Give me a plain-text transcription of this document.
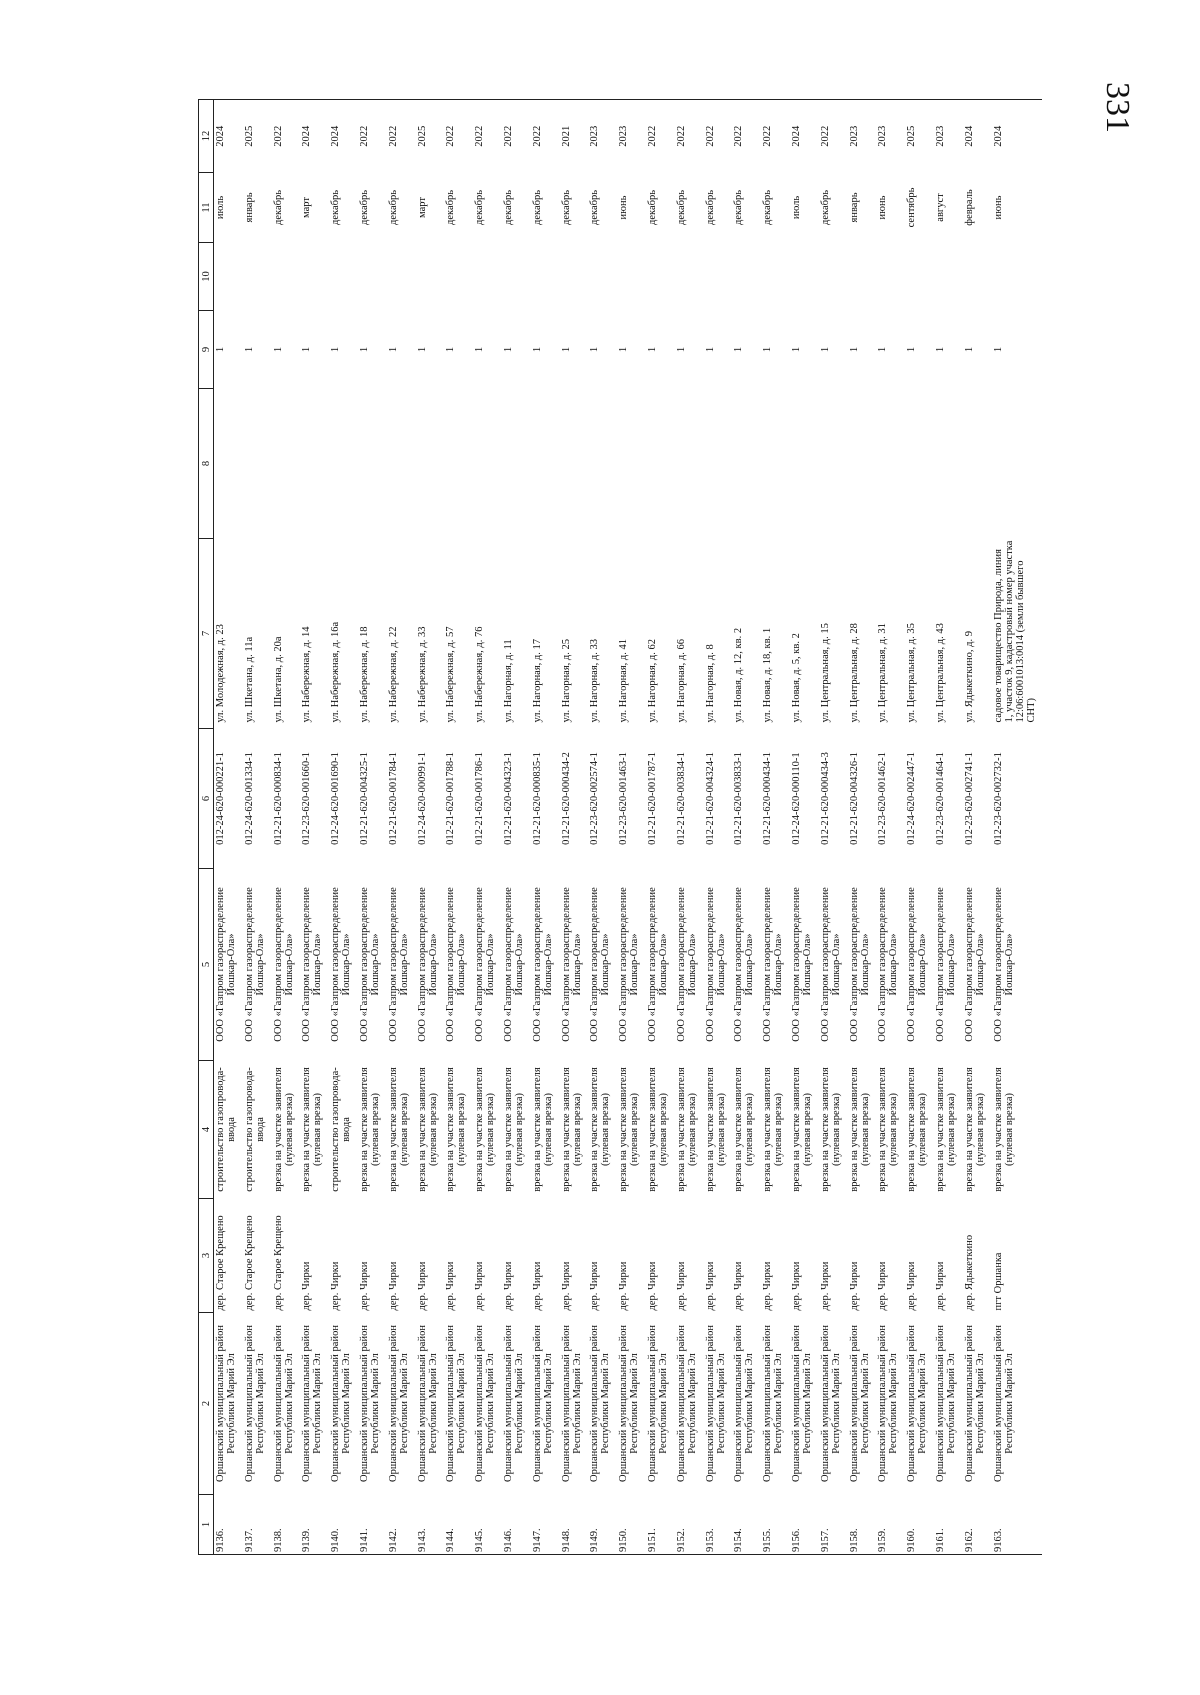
331
1	2	3	4	5	6	7	8	9	10	11	12
9136.	Оршанский муниципальный район Республики Марий Эл	дер. Старое Крещено	строительство газопровода-ввода	ООО «Газпром газораспределение Йошкар-Ола»	012-24-620-000221-1	ул. Молодежная, д. 23		1		июль	2024
9137.	Оршанский муниципальный район Республики Марий Эл	дер. Старое Крещено	строительство газопровода-ввода	ООО «Газпром газораспределение Йошкар-Ола»	012-24-620-001334-1	ул. Шкетана, д. 11а		1		январь	2025
9138.	Оршанский муниципальный район Республики Марий Эл	дер. Старое Крещено	врезка на участке заявителя (нулевая врезка)	ООО «Газпром газораспределение Йошкар-Ола»	012-21-620-000834-1	ул. Шкетана, д. 20а		1		декабрь	2022
9139.	Оршанский муниципальный район Республики Марий Эл	дер. Чирки	врезка на участке заявителя (нулевая врезка)	ООО «Газпром газораспределение Йошкар-Ола»	012-23-620-001660-1	ул. Набережная, д. 14		1		март	2024
9140.	Оршанский муниципальный район Республики Марий Эл	дер. Чирки	строительство газопровода-ввода	ООО «Газпром газораспределение Йошкар-Ола»	012-24-620-001690-1	ул. Набережная, д. 16а		1		декабрь	2024
9141.	Оршанский муниципальный район Республики Марий Эл	дер. Чирки	врезка на участке заявителя (нулевая врезка)	ООО «Газпром газораспределение Йошкар-Ола»	012-21-620-004325-1	ул. Набережная, д. 18		1		декабрь	2022
9142.	Оршанский муниципальный район Республики Марий Эл	дер. Чирки	врезка на участке заявителя (нулевая врезка)	ООО «Газпром газораспределение Йошкар-Ола»	012-21-620-001784-1	ул. Набережная, д. 22		1		декабрь	2022
9143.	Оршанский муниципальный район Республики Марий Эл	дер. Чирки	врезка на участке заявителя (нулевая врезка)	ООО «Газпром газораспределение Йошкар-Ола»	012-24-620-000991-1	ул. Набережная, д. 33		1		март	2025
9144.	Оршанский муниципальный район Республики Марий Эл	дер. Чирки	врезка на участке заявителя (нулевая врезка)	ООО «Газпром газораспределение Йошкар-Ола»	012-21-620-001788-1	ул. Набережная, д. 57		1		декабрь	2022
9145.	Оршанский муниципальный район Республики Марий Эл	дер. Чирки	врезка на участке заявителя (нулевая врезка)	ООО «Газпром газораспределение Йошкар-Ола»	012-21-620-001786-1	ул. Набережная, д. 76		1		декабрь	2022
9146.	Оршанский муниципальный район Республики Марий Эл	дер. Чирки	врезка на участке заявителя (нулевая врезка)	ООО «Газпром газораспределение Йошкар-Ола»	012-21-620-004323-1	ул. Нагорная, д. 11		1		декабрь	2022
9147.	Оршанский муниципальный район Республики Марий Эл	дер. Чирки	врезка на участке заявителя (нулевая врезка)	ООО «Газпром газораспределение Йошкар-Ола»	012-21-620-000835-1	ул. Нагорная, д. 17		1		декабрь	2022
9148.	Оршанский муниципальный район Республики Марий Эл	дер. Чирки	врезка на участке заявителя (нулевая врезка)	ООО «Газпром газораспределение Йошкар-Ола»	012-21-620-000434-2	ул. Нагорная, д. 25		1		декабрь	2021
9149.	Оршанский муниципальный район Республики Марий Эл	дер. Чирки	врезка на участке заявителя (нулевая врезка)	ООО «Газпром газораспределение Йошкар-Ола»	012-23-620-002574-1	ул. Нагорная, д. 33		1		декабрь	2023
9150.	Оршанский муниципальный район Республики Марий Эл	дер. Чирки	врезка на участке заявителя (нулевая врезка)	ООО «Газпром газораспределение Йошкар-Ола»	012-23-620-001463-1	ул. Нагорная, д. 41		1		июнь	2023
9151.	Оршанский муниципальный район Республики Марий Эл	дер. Чирки	врезка на участке заявителя (нулевая врезка)	ООО «Газпром газораспределение Йошкар-Ола»	012-21-620-001787-1	ул. Нагорная, д. 62		1		декабрь	2022
9152.	Оршанский муниципальный район Республики Марий Эл	дер. Чирки	врезка на участке заявителя (нулевая врезка)	ООО «Газпром газораспределение Йошкар-Ола»	012-21-620-003834-1	ул. Нагорная, д. 66		1		декабрь	2022
9153.	Оршанский муниципальный район Республики Марий Эл	дер. Чирки	врезка на участке заявителя (нулевая врезка)	ООО «Газпром газораспределение Йошкар-Ола»	012-21-620-004324-1	ул. Нагорная, д. 8		1		декабрь	2022
9154.	Оршанский муниципальный район Республики Марий Эл	дер. Чирки	врезка на участке заявителя (нулевая врезка)	ООО «Газпром газораспределение Йошкар-Ола»	012-21-620-003833-1	ул. Новая, д. 12, кв. 2		1		декабрь	2022
9155.	Оршанский муниципальный район Республики Марий Эл	дер. Чирки	врезка на участке заявителя (нулевая врезка)	ООО «Газпром газораспределение Йошкар-Ола»	012-21-620-000434-1	ул. Новая, д. 18, кв. 1		1		декабрь	2022
9156.	Оршанский муниципальный район Республики Марий Эл	дер. Чирки	врезка на участке заявителя (нулевая врезка)	ООО «Газпром газораспределение Йошкар-Ола»	012-24-620-000110-1	ул. Новая, д. 5, кв. 2		1		июль	2024
9157.	Оршанский муниципальный район Республики Марий Эл	дер. Чирки	врезка на участке заявителя (нулевая врезка)	ООО «Газпром газораспределение Йошкар-Ола»	012-21-620-000434-3	ул. Центральная, д. 15		1		декабрь	2022
9158.	Оршанский муниципальный район Республики Марий Эл	дер. Чирки	врезка на участке заявителя (нулевая врезка)	ООО «Газпром газораспределение Йошкар-Ола»	012-21-620-004326-1	ул. Центральная, д. 28		1		январь	2023
9159.	Оршанский муниципальный район Республики Марий Эл	дер. Чирки	врезка на участке заявителя (нулевая врезка)	ООО «Газпром газораспределение Йошкар-Ола»	012-23-620-001462-1	ул. Центральная, д. 31		1		июнь	2023
9160.	Оршанский муниципальный район Республики Марий Эл	дер. Чирки	врезка на участке заявителя (нулевая врезка)	ООО «Газпром газораспределение Йошкар-Ола»	012-24-620-002447-1	ул. Центральная, д. 35		1		сентябрь	2025
9161.	Оршанский муниципальный район Республики Марий Эл	дер. Чирки	врезка на участке заявителя (нулевая врезка)	ООО «Газпром газораспределение Йошкар-Ола»	012-23-620-001464-1	ул. Центральная, д. 43		1		август	2023
9162.	Оршанский муниципальный район Республики Марий Эл	дер. Ядыкеткино	врезка на участке заявителя (нулевая врезка)	ООО «Газпром газораспределение Йошкар-Ола»	012-23-620-002741-1	ул. Ядыкеткино, д. 9		1		февраль	2024
9163.	Оршанский муниципальный район Республики Марий Эл	пгт Оршанка	врезка на участке заявителя (нулевая врезка)	ООО «Газпром газораспределение Йошкар-Ола»	012-23-620-002732-1	садовое товарищество Природа, линия 1, участок 9, кадастровый номер участка 12:06:6001013:0014 (земли бывшего СНТ)		1		июнь	2024
